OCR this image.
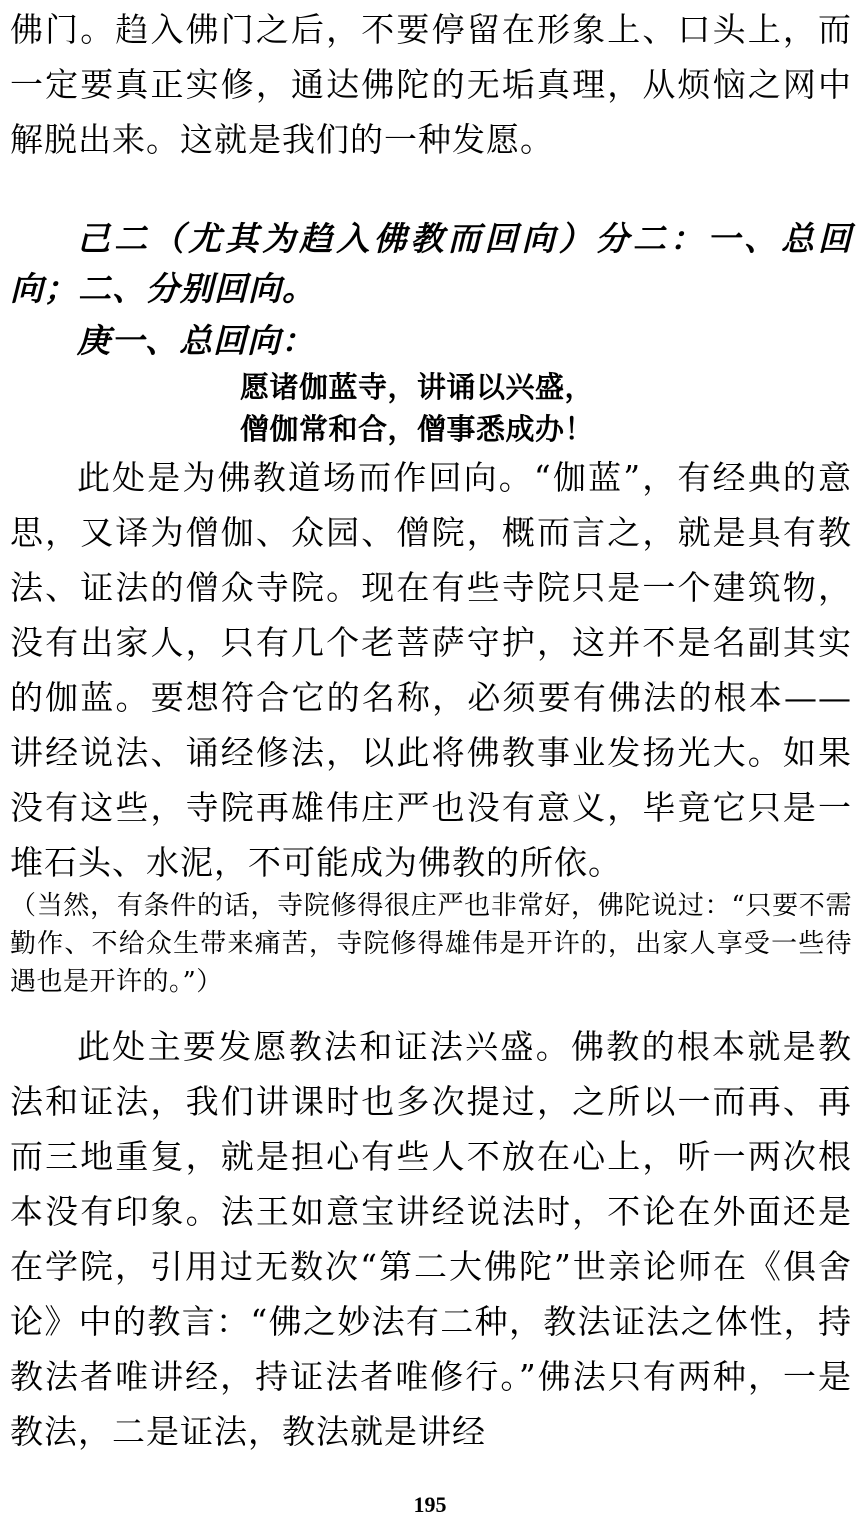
佛门。趋入佛门之后，不要停留在形象上、口头上，而一定要真正实修，通达佛陀的无垢真理，从烦恼之网中解脱出来。这就是我们的一种发愿。

己二（尤其为趋入佛教而回向）分二：一、总回向；二、分别回向。

庚一、总回向：

愿诸伽蓝寺，讲诵以兴盛，

僧伽常和合，僧事悉成办！

此处是为佛教道场而作回向。“伽蓝”，有经典的意思，又译为僧伽、众园、僧院，概而言之，就是具有教法、证法的僧众寺院。现在有些寺院只是一个建筑物，没有出家人，只有几个老菩萨守护，这并不是名副其实的伽蓝。要想符合它的名称，必须要有佛法的根本——讲经说法、诵经修法，以此将佛教事业发扬光大。如果没有这些，寺院再雄伟庄严也没有意义，毕竟它只是一堆石头、水泥，不可能成为佛教的所依。

（当然，有条件的话，寺院修得很庄严也非常好，佛陀说过：“只要不需勤作、不给众生带来痛苦，寺院修得雄伟是开许的，出家人享受一些待遇也是开许的。”）

此处主要发愿教法和证法兴盛。佛教的根本就是教法和证法，我们讲课时也多次提过，之所以一而再、再而三地重复，就是担心有些人不放在心上，听一两次根本没有印象。法王如意宝讲经说法时，不论在外面还是在学院，引用过无数次“第二大佛陀”世亲论师在《俱舍论》中的教言：“佛之妙法有二种，教法证法之体性，持教法者唯讲经，持证法者唯修行。”佛法只有两种，一是教法，二是证法，教法就是讲经

195
